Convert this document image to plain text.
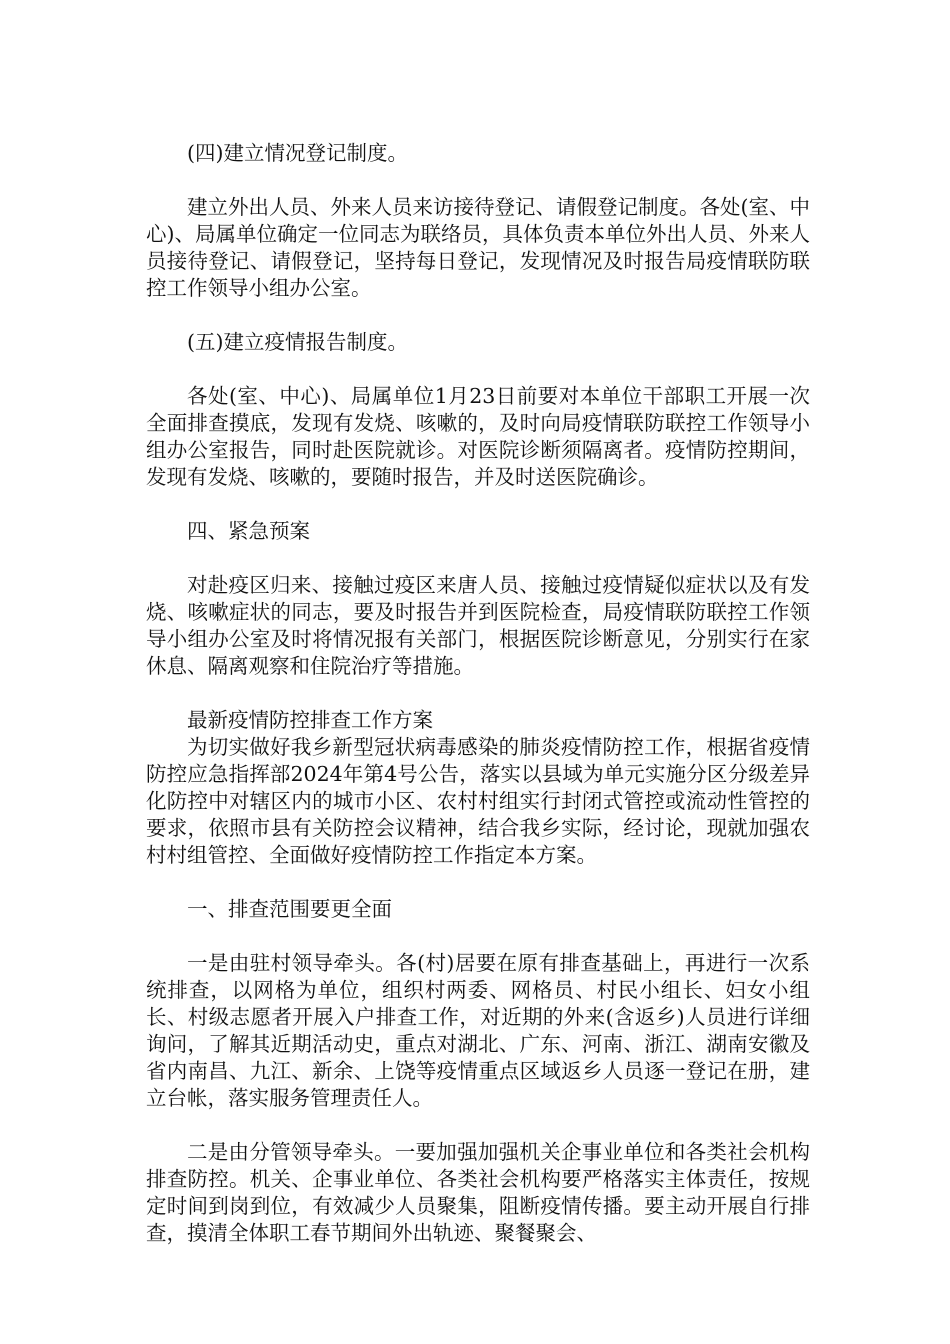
(四)建立情况登记制度。

建立外出人员、外来人员来访接待登记、请假登记制度。各处(室、中心)、局属单位确定一位同志为联络员，具体负责本单位外出人员、外来人员接待登记、请假登记，坚持每日登记，发现情况及时报告局疫情联防联控工作领导小组办公室。

(五)建立疫情报告制度。

各处(室、中心)、局属单位1月23日前要对本单位干部职工开展一次全面排查摸底，发现有发烧、咳嗽的，及时向局疫情联防联控工作领导小组办公室报告，同时赴医院就诊。对医院诊断须隔离者。疫情防控期间，发现有发烧、咳嗽的，要随时报告，并及时送医院确诊。

四、紧急预案

对赴疫区归来、接触过疫区来唐人员、接触过疫情疑似症状以及有发烧、咳嗽症状的同志，要及时报告并到医院检查，局疫情联防联控工作领导小组办公室及时将情况报有关部门，根据医院诊断意见，分别实行在家休息、隔离观察和住院治疗等措施。

最新疫情防控排查工作方案

为切实做好我乡新型冠状病毒感染的肺炎疫情防控工作，根据省疫情防控应急指挥部2024年第4号公告，落实以县域为单元实施分区分级差异化防控中对辖区内的城市小区、农村村组实行封闭式管控或流动性管控的要求，依照市县有关防控会议精神，结合我乡实际，经讨论，现就加强农村村组管控、全面做好疫情防控工作指定本方案。

一、排查范围要更全面

一是由驻村领导牵头。各(村)居要在原有排查基础上，再进行一次系统排查，以网格为单位，组织村两委、网格员、村民小组长、妇女小组长、村级志愿者开展入户排查工作，对近期的外来(含返乡)人员进行详细询问，了解其近期活动史，重点对湖北、广东、河南、浙江、湖南安徽及省内南昌、九江、新余、上饶等疫情重点区域返乡人员逐一登记在册，建立台帐，落实服务管理责任人。

二是由分管领导牵头。一要加强加强机关企事业单位和各类社会机构排查防控。机关、企事业单位、各类社会机构要严格落实主体责任，按规定时间到岗到位，有效减少人员聚集，阻断疫情传播。要主动开展自行排查，摸清全体职工春节期间外出轨迹、聚餐聚会、
